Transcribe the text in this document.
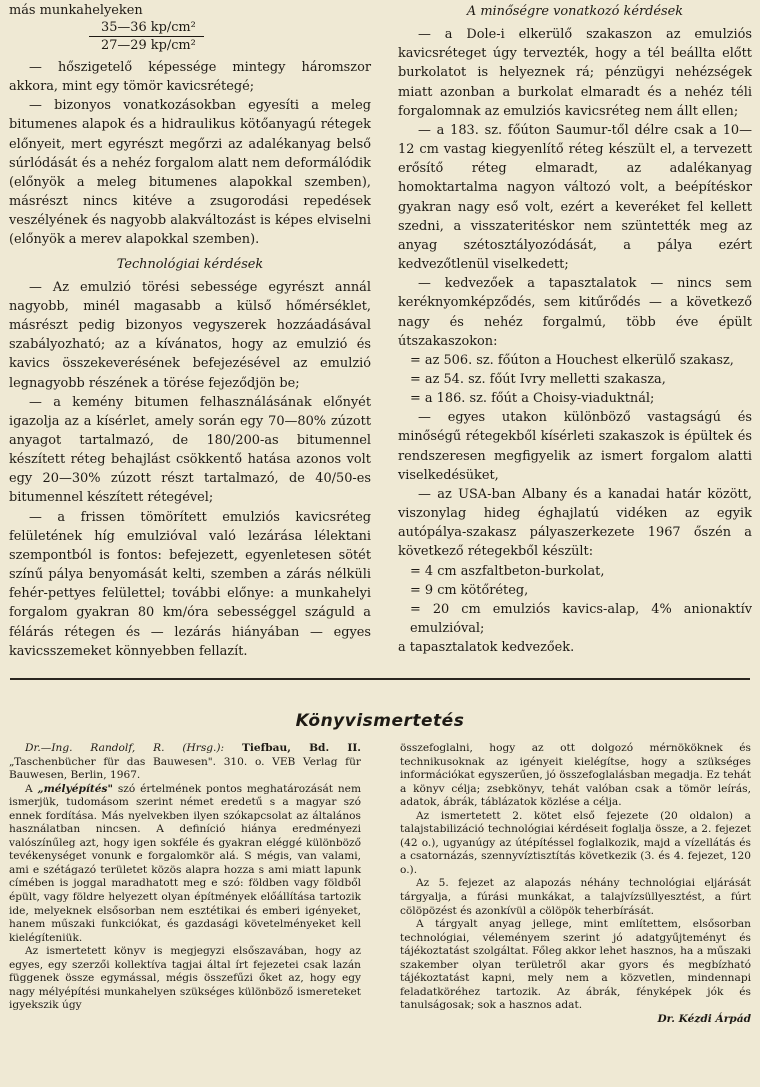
más munkahelyeken
35—36 kp/cm²
27—29 kp/cm²

— hőszigetelő képessége mintegy háromszor akkora, mint egy tömör kavicsrétegé;

— bizonyos vonatkozásokban egyesíti a meleg bitumenes alapok és a hidraulikus kötőanyagú rétegek előnyeit, mert egyrészt megőrzi az adalékanyag belső súrlódását és a nehéz forgalom alatt nem deformálódik (előnyök a meleg bitumenes alapokkal szemben), másrészt nincs kitéve a zsugorodási repedések veszélyének és nagyobb alakváltozást is képes elviselni (előnyök a merev alapokkal szemben).

Technológiai kérdések

— Az emulzió törési sebessége egyrészt annál nagyobb, minél magasabb a külső hőmérséklet, másrészt pedig bizonyos vegyszerek hozzáadásával szabályozható; az a kívánatos, hogy az emulzió és kavics összekeverésének befejezésével az emulzió legnagyobb részének a törése fejeződjön be;

— a kemény bitumen felhasználásának előnyét igazolja az a kísérlet, amely során egy 70—80% zúzott anyagot tartalmazó, de 180/200-as bitumennel készített réteg behajlást csökkentő hatása azonos volt egy 20—30% zúzott részt tartalmazó, de 40/50-es bitumennel készített rétegével;

— a frissen tömörített emulziós kavicsréteg felületének híg emulzióval való lezárása lélektani szempontból is fontos: befejezett, egyenletesen sötét színű pálya benyomását kelti, szemben a zárás nélküli fehér-pettyes felülettel; további előnye: a munkahelyi forgalom gyakran 80 km/óra sebességgel száguld a félárás rétegen és — lezárás hiányában — egyes kavicsszemeket könnyebben fellazít.

A minőségre vonatkozó kérdések

— a Dole-i elkerülő szakaszon az emulziós kavicsréteget úgy tervezték, hogy a tél beállta előtt burkolatot is helyeznek rá; pénzügyi nehézségek miatt azonban a burkolat elmaradt és a nehéz téli forgalomnak az emulziós kavicsréteg nem állt ellen;

— a 183. sz. főúton Saumur-től délre csak a 10—12 cm vastag kiegyenlítő réteg készült el, a tervezett erősítő réteg elmaradt, az adalékanyag homoktartalma nagyon változó volt, a beépítéskor gyakran nagy eső volt, ezért a keveréket fel kellett szedni, a visszateritéskor nem szüntették meg az anyag szétosztályozódását, a pálya ezért kedvezőtlenül viselkedett;

— kedvezőek a tapasztalatok — nincs sem keréknyomképződés, sem kitűrődés — a következő nagy és nehéz forgalmú, több éve épült útszakaszokon:

= az 506. sz. főúton a Houchest elkerülő szakasz,

= az 54. sz. főút Ivry melletti szakasza,

= a 186. sz. főút a Choisy-viaduktnál;

— egyes utakon különböző vastagságú és minőségű rétegekből kísérleti szakaszok is épültek és rendszeresen megfigyelik az ismert forgalom alatti viselkedésüket,

— az USA-ban Albany és a kanadai határ között, viszonylag hideg éghajlatú vidéken az egyik autópálya-szakasz pályaszerkezete 1967 őszén a következő rétegekből készült:

= 4 cm aszfaltbeton-burkolat,

= 9 cm kötőréteg,

= 20 cm emulziós kavics-alap, 4% anionaktív emulzióval;

a tapasztalatok kedvezőek.

Könyvismertetés

Dr.—Ing. Randolf, R. (Hrsg.): Tiefbau, Bd. II. „Taschenbücher für das Bauwesen". 310. o. VEB Verlag für Bauwesen, Berlin, 1967.

A „mélyépítés" szó értelmének pontos meghatározását nem ismerjük, tudomásom szerint német eredetű s a magyar szó ennek fordítása. Más nyelvekben ilyen szókapcsolat az általános használatban nincsen. A definíció hiánya eredményezi valószínűleg azt, hogy igen sokféle és gyakran eléggé különböző tevékenységet vonunk e forgalomkör alá. S mégis, van valami, ami e szétágazó területet közös alapra hozza s ami miatt lapunk címében is joggal maradhatott meg e szó: földben vagy földből épült, vagy földre helyezett olyan építmények előállítása tartozik ide, melyeknek elsősorban nem esztétikai és emberi igényeket, hanem műszaki funkciókat, és gazdasági követelményeket kell kielégíteniük.

Az ismertetett könyv is megjegyzi elsőszavában, hogy az egyes, egy szerzői kollektíva tagjai által írt fejezetei csak lazán függenek össze egymással, mégis összefűzi őket az, hogy egy nagy mélyépítési munkahelyen szükséges különböző ismereteket igyekszik úgy

összefoglalni, hogy az ott dolgozó mérnököknek és technikusoknak az igényeit kielégítse, hogy a szükséges információkat egyszerűen, jó összefoglalásban megadja. Ez tehát a könyv célja; zsebkönyv, tehát valóban csak a tömör leírás, adatok, ábrák, táblázatok közlése a célja.

Az ismertetett 2. kötet első fejezete (20 oldalon) a talajstabilizáció technológiai kérdéseit foglalja össze, a 2. fejezet (42 o.), ugyanúgy az útépítéssel foglalkozik, majd a vízellátás és a csatornázás, szennyvíztisztítás következik (3. és 4. fejezet, 120 o.).

Az 5. fejezet az alapozás néhány technológiai eljárását tárgyalja, a fúrási munkákat, a talajvízsüllyesztést, a fúrt cölöpözést és azonkívül a cölöpök teherbírását.

A tárgyalt anyag jellege, mint említettem, elsősorban technológiai, véleményem szerint jó adatgyűjteményt és tájékoztatást szolgáltat. Főleg akkor lehet hasznos, ha a műszaki szakember olyan területről akar gyors és megbízható tájékoztatást kapni, mely nem a közvetlen, mindennapi feladatköréhez tartozik. Az ábrák, fényképek jók és tanulságosak; sok a hasznos adat.

Dr. Kézdi Árpád
